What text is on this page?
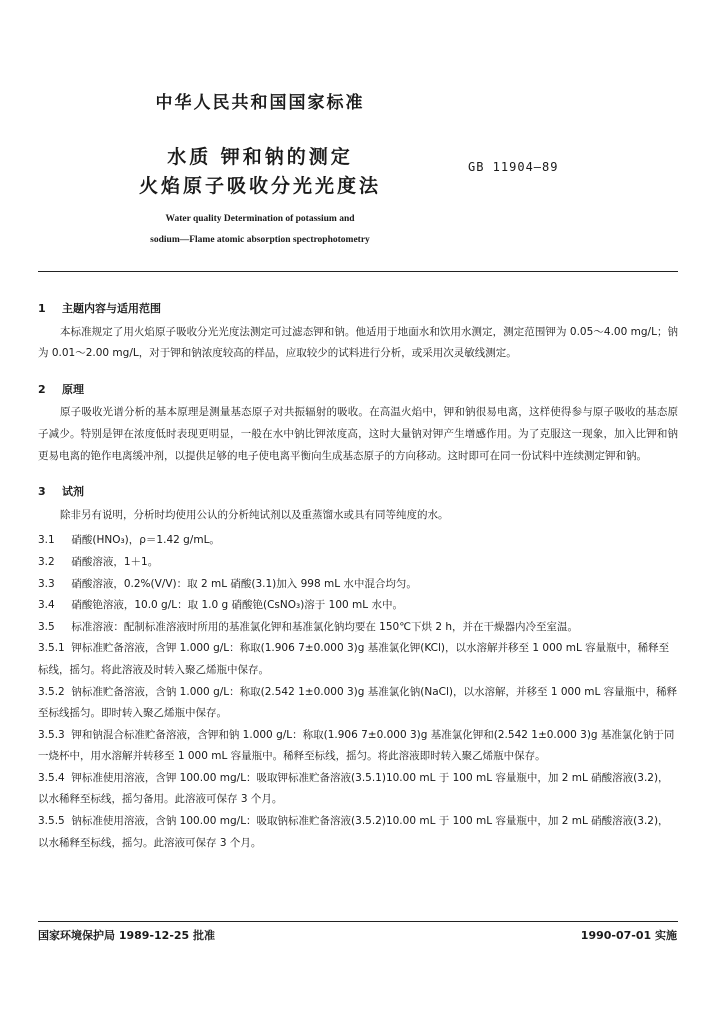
中华人民共和国国家标准
水质 钾和钠的测定
火焰原子吸收分光光度法
GB 11904—89
Water quality Determination of potassium and
sodium—Flame atomic absorption spectrophotometry
1 主题内容与适用范围
本标准规定了用火焰原子吸收分光光度法测定可过滤态钾和钠。他适用于地面水和饮用水测定，测定范围钾为 0.05～4.00 mg/L；钠为 0.01～2.00 mg/L，对于钾和钠浓度较高的样品，应取较少的试料进行分析，或采用次灵敏线测定。
2 原理
原子吸收光谱分析的基本原理是测量基态原子对共振辐射的吸收。在高温火焰中，钾和钠很易电离，这样使得参与原子吸收的基态原子减少。特别是钾在浓度低时表现更明显，一般在水中钠比钾浓度高，这时大量钠对钾产生增感作用。为了克服这一现象，加入比钾和钠更易电离的铯作电离缓冲剂，以提供足够的电子使电离平衡向生成基态原子的方向移动。这时即可在同一份试料中连续测定钾和钠。
3 试剂
除非另有说明，分析时均使用公认的分析纯试剂以及重蒸馏水或具有同等纯度的水。
3.1 硝酸(HNO₃)，ρ＝1.42 g/mL。
3.2 硝酸溶液，1＋1。
3.3 硝酸溶液，0.2%(V/V)：取 2 mL 硝酸(3.1)加入 998 mL 水中混合均匀。
3.4 硝酸铯溶液，10.0 g/L：取 1.0 g 硝酸铯(CsNO₃)溶于 100 mL 水中。
3.5 标准溶液：配制标准溶液时所用的基准氯化钾和基准氯化钠均要在 150℃下烘 2 h，并在干燥器内冷至室温。
3.5.1 钾标准贮备溶液，含钾 1.000 g/L：称取(1.906 7±0.000 3)g 基准氯化钾(KCl)，以水溶解并移至 1 000 mL 容量瓶中，稀释至标线，摇匀。将此溶液及时转入聚乙烯瓶中保存。
3.5.2 钠标准贮备溶液，含钠 1.000 g/L：称取(2.542 1±0.000 3)g 基准氯化钠(NaCl)，以水溶解，并移至 1 000 mL 容量瓶中，稀释至标线摇匀。即时转入聚乙烯瓶中保存。
3.5.3 钾和钠混合标准贮备溶液，含钾和钠 1.000 g/L：称取(1.906 7±0.000 3)g 基准氯化钾和(2.542 1±0.000 3)g 基准氯化钠于同一烧杯中，用水溶解并转移至 1 000 mL 容量瓶中。稀释至标线，摇匀。将此溶液即时转入聚乙烯瓶中保存。
3.5.4 钾标准使用溶液，含钾 100.00 mg/L：吸取钾标准贮备溶液(3.5.1)10.00 mL 于 100 mL 容量瓶中，加 2 mL 硝酸溶液(3.2)，以水稀释至标线，摇匀备用。此溶液可保存 3 个月。
3.5.5 钠标准使用溶液，含钠 100.00 mg/L：吸取钠标准贮备溶液(3.5.2)10.00 mL 于 100 mL 容量瓶中，加 2 mL 硝酸溶液(3.2)，以水稀释至标线，摇匀。此溶液可保存 3 个月。
国家环境保护局 1989-12-25 批准	1990-07-01 实施
